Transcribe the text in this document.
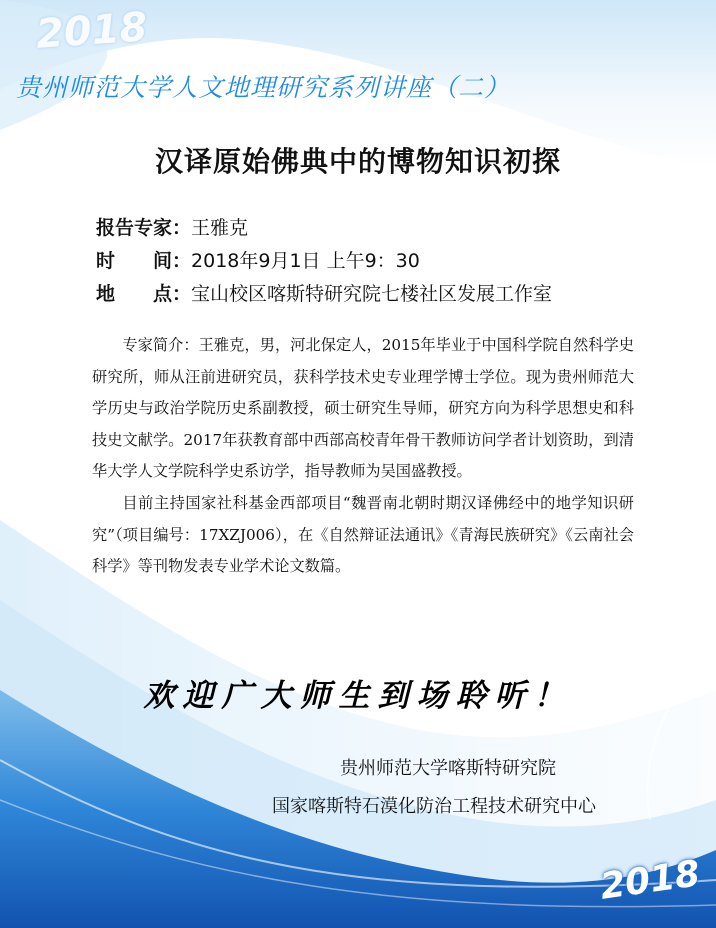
2018
贵州师范大学人文地理研究系列讲座（二）
汉译原始佛典中的博物知识初探
报告专家：王雅克
时　　间：2018年9月1日 上午9：30
地　　点：宝山校区喀斯特研究院七楼社区发展工作室

专家简介：王雅克，男，河北保定人，2015年毕业于中国科学院自然科学史研究所，师从汪前进研究员，获科学技术史专业理学博士学位。现为贵州师范大学历史与政治学院历史系副教授，硕士研究生导师，研究方向为科学思想史和科技史文献学。2017年获教育部中西部高校青年骨干教师访问学者计划资助，到清华大学人文学院科学史系访学，指导教师为吴国盛教授。

目前主持国家社科基金西部项目“魏晋南北朝时期汉译佛经中的地学知识研究”（项目编号：17XZJ006），在《自然辩证法通讯》《青海民族研究》《云南社会科学》等刊物发表专业学术论文数篇。

欢迎广大师生到场聆听！
贵州师范大学喀斯特研究院
国家喀斯特石漠化防治工程技术研究中心
2018
